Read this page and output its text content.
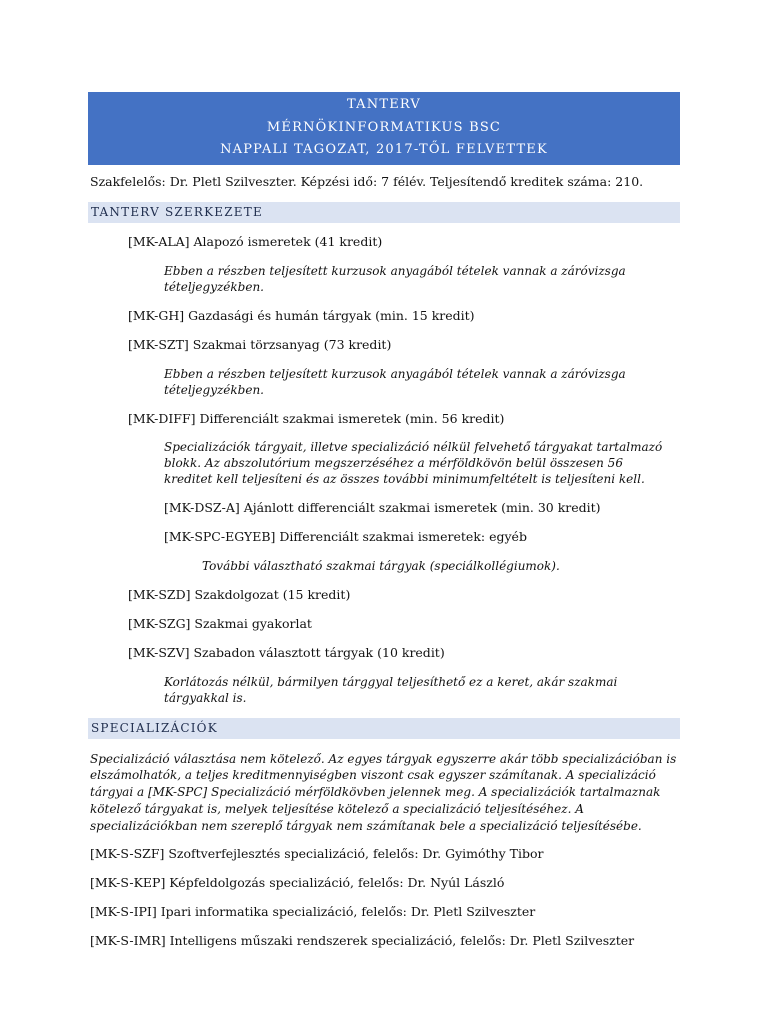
TANTERV
MÉRNÖKINFORMATIKUS BSC
NAPPALI TAGOZAT, 2017-TŐL FELVETTEK
Szakfelelős: Dr. Pletl Szilveszter. Képzési idő: 7 félév. Teljesítendő kreditek száma: 210.
TANTERV SZERKEZETE
[MK-ALA] Alapozó ismeretek (41 kredit)
Ebben a részben teljesített kurzusok anyagából tételek vannak a záróvizsga tételjegyzékben.
[MK-GH] Gazdasági és humán tárgyak (min. 15 kredit)
[MK-SZT] Szakmai törzsanyag (73 kredit)
Ebben a részben teljesített kurzusok anyagából tételek vannak a záróvizsga tételjegyzékben.
[MK-DIFF] Differenciált szakmai ismeretek (min. 56 kredit)
Specializációk tárgyait, illetve specializáció nélkül felvehető tárgyakat tartalmazó blokk. Az abszolutórium megszerzéséhez a mérföldkövön belül összesen 56 kreditet kell teljesíteni és az összes további minimumfeltételt is teljesíteni kell.
[MK-DSZ-A] Ajánlott differenciált szakmai ismeretek (min. 30 kredit)
[MK-SPC-EGYEB] Differenciált szakmai ismeretek: egyéb
További választható szakmai tárgyak (speciálkollégiumok).
[MK-SZD] Szakdolgozat (15 kredit)
[MK-SZG] Szakmai gyakorlat
[MK-SZV] Szabadon választott tárgyak (10 kredit)
Korlátozás nélkül, bármilyen tárggyal teljesíthető ez a keret, akár szakmai tárgyakkal is.
SPECIALIZÁCIÓK
Specializáció választása nem kötelező. Az egyes tárgyak egyszerre akár több specializációban is elszámolhatók, a teljes kreditmennyiségben viszont csak egyszer számítanak. A specializáció tárgyai a [MK-SPC] Specializáció mérföldkövben jelennek meg. A specializációk tartalmaznak kötelező tárgyakat is, melyek teljesítése kötelező a specializáció teljesítéséhez. A specializációkban nem szereplő tárgyak nem számítanak bele a specializáció teljesítésébe.
[MK-S-SZF] Szoftverfejlesztés specializáció, felelős: Dr. Gyimóthy Tibor
[MK-S-KEP] Képfeldolgozás specializáció, felelős: Dr. Nyúl László
[MK-S-IPI] Ipari informatika specializáció, felelős: Dr. Pletl Szilveszter
[MK-S-IMR] Intelligens műszaki rendszerek specializáció, felelős: Dr. Pletl Szilveszter
